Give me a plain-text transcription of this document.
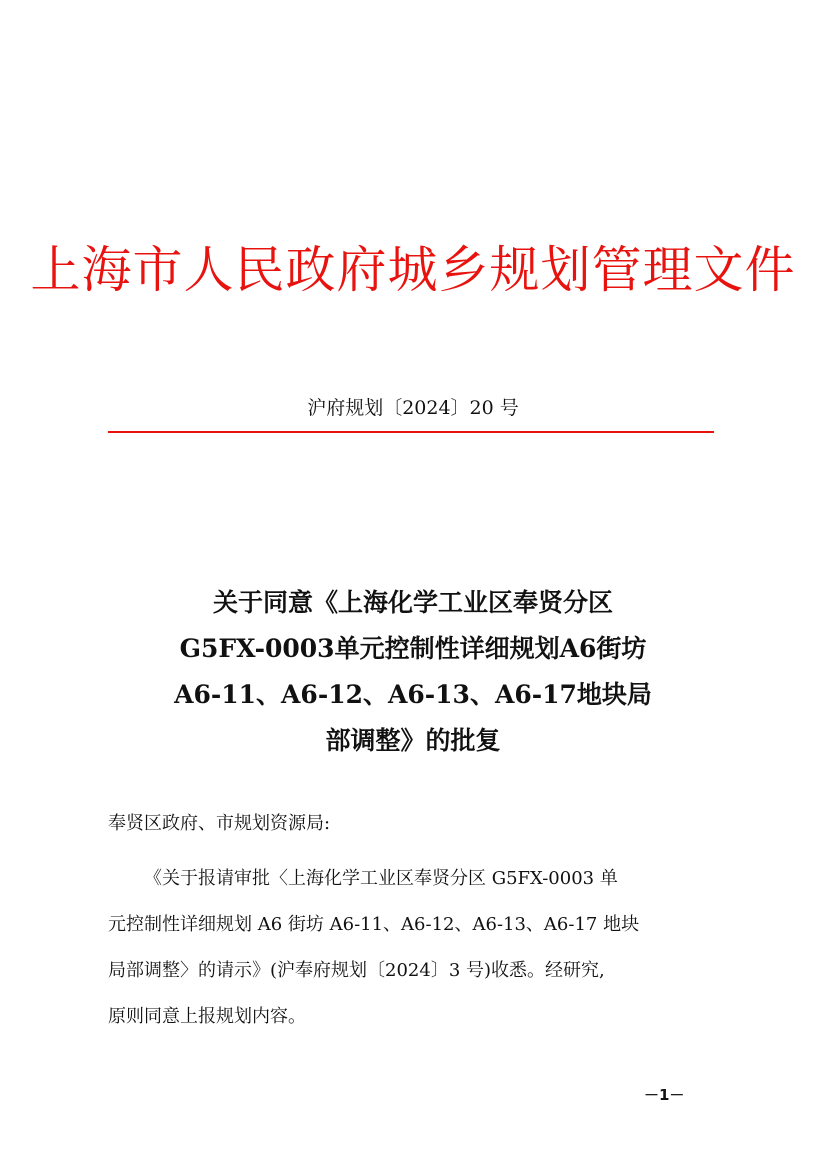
上海市人民政府城乡规划管理文件
沪府规划〔2024〕20 号
关于同意《上海化学工业区奉贤分区
G5FX-0003单元控制性详细规划A6街坊
A6-11、A6-12、A6-13、A6-17地块局
部调整》的批复
奉贤区政府、市规划资源局:
《关于报请审批〈上海化学工业区奉贤分区 G5FX-0003 单
元控制性详细规划 A6 街坊 A6-11、A6-12、A6-13、A6-17 地块
局部调整〉的请示》(沪奉府规划〔2024〕3 号)收悉。经研究,
原则同意上报规划内容。
－1－
